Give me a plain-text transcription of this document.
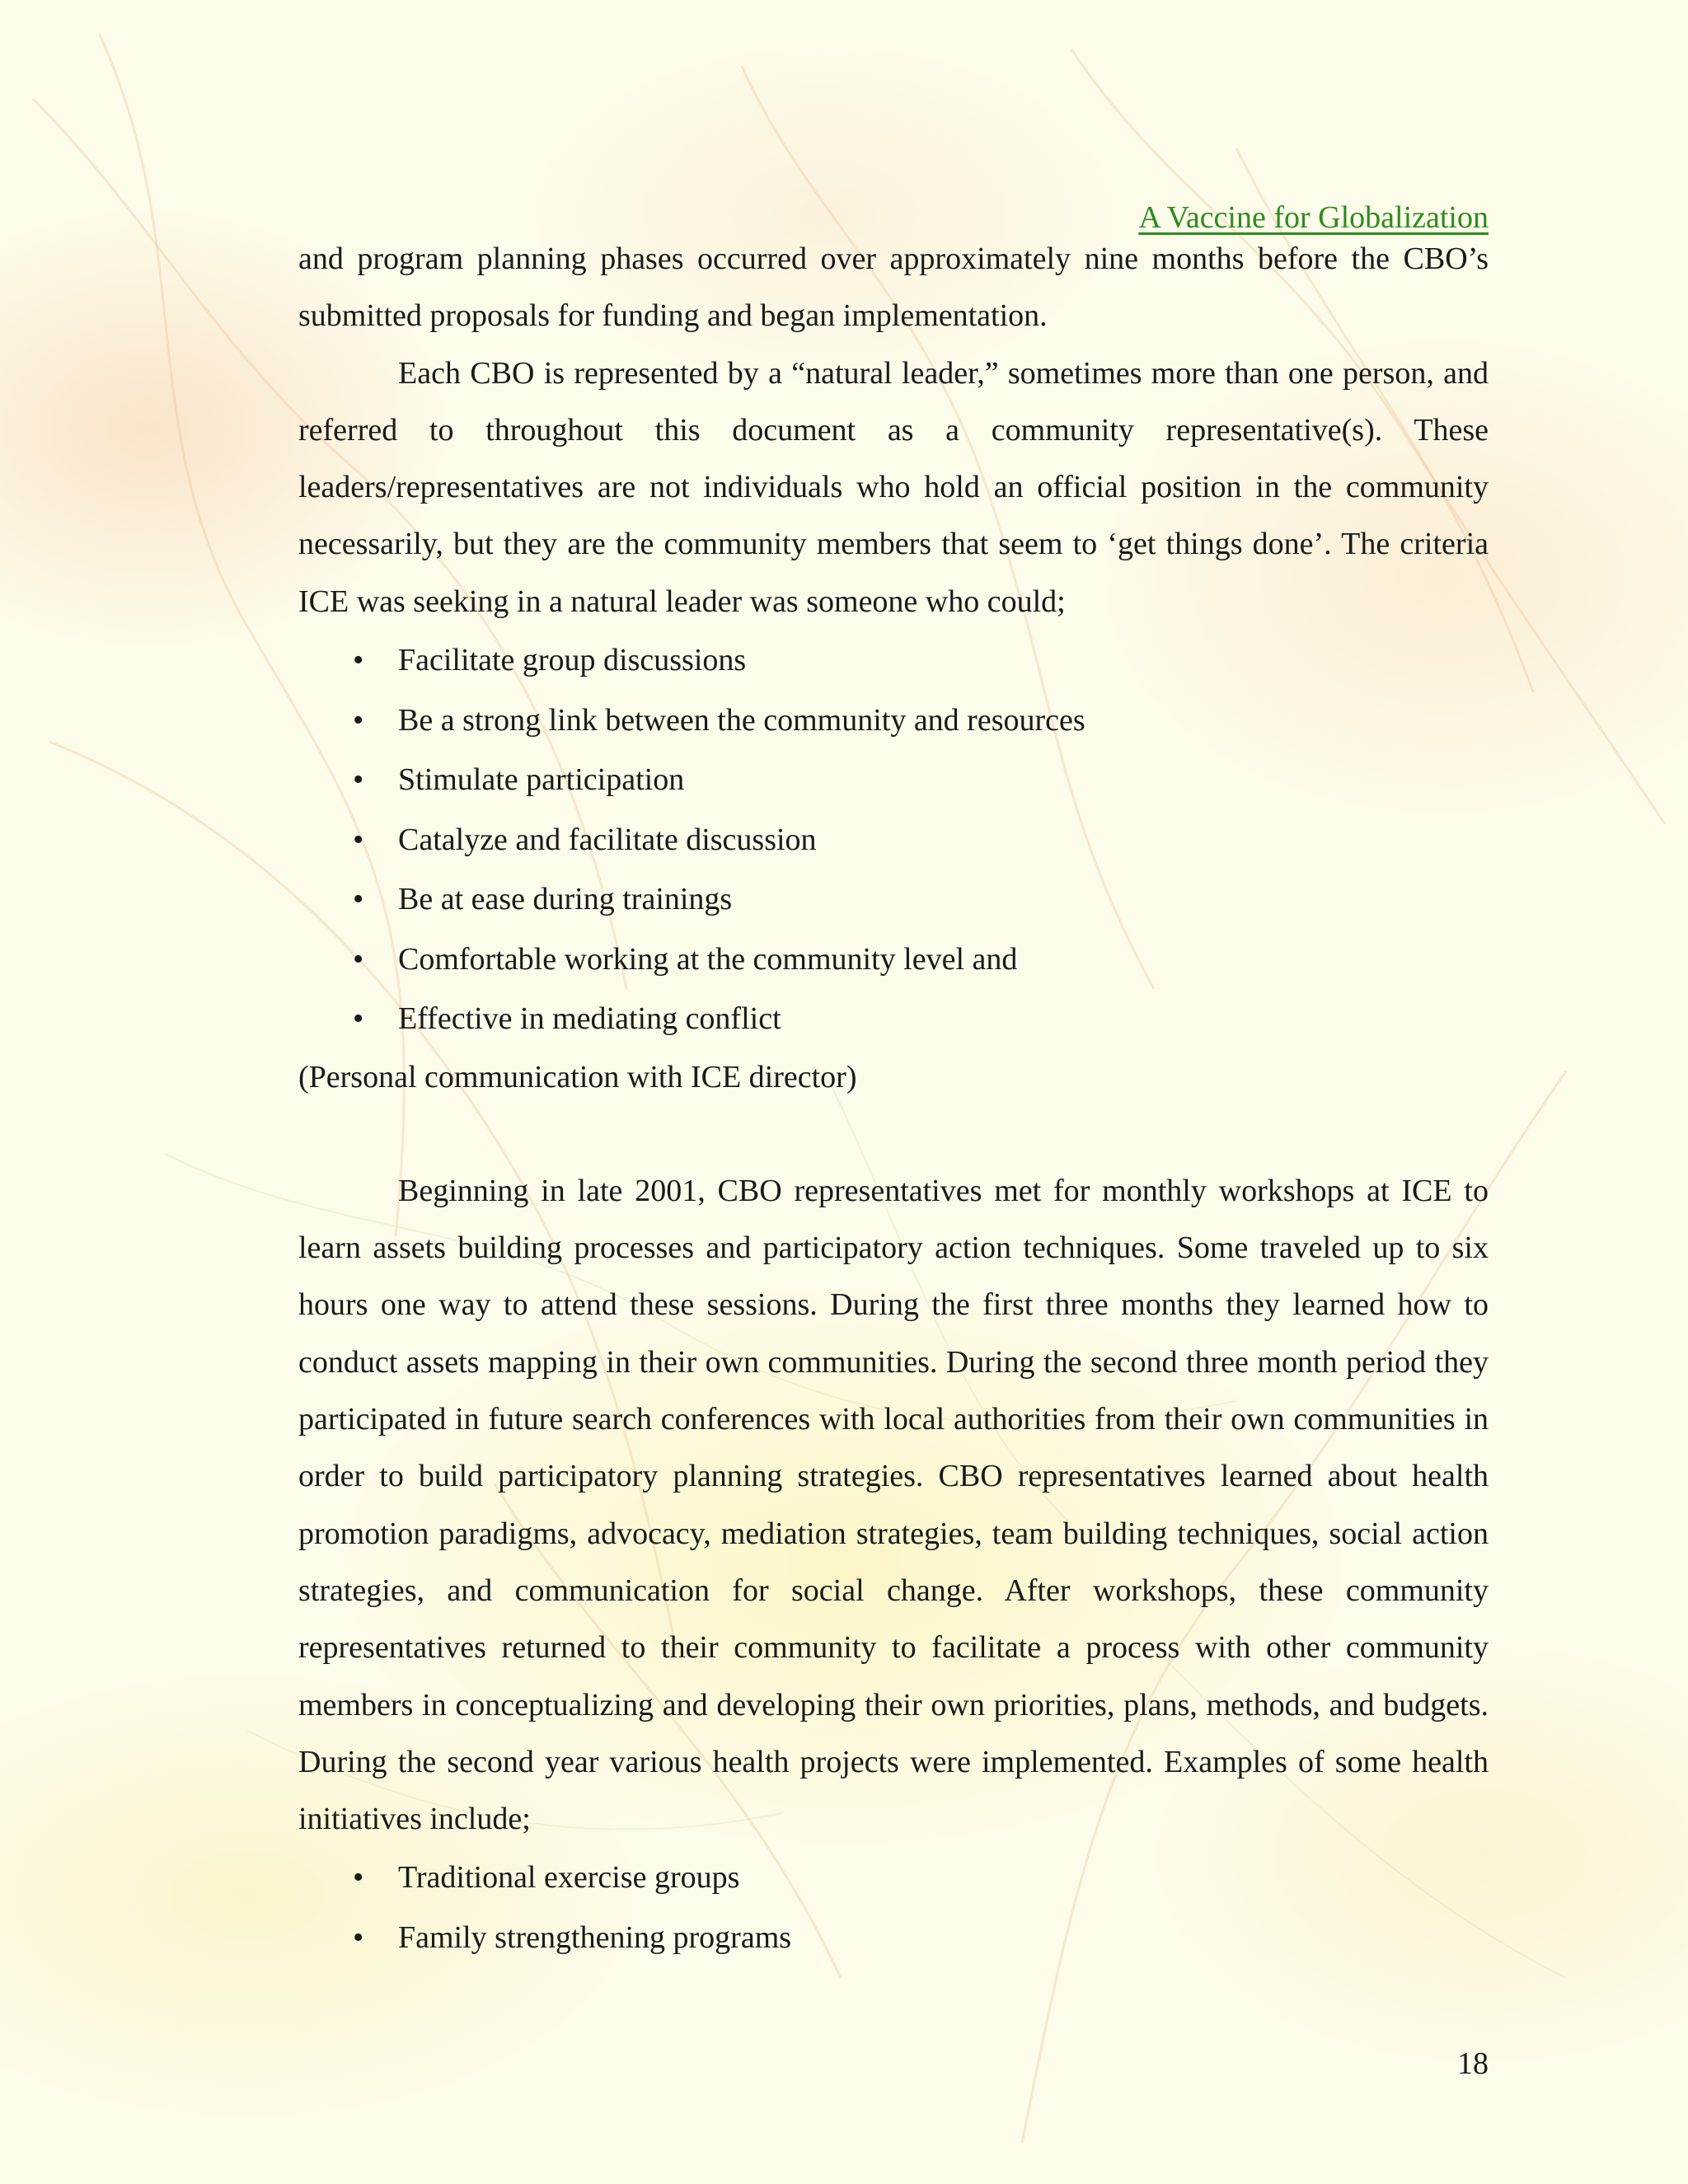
A Vaccine for Globalization

and program planning phases occurred over approximately nine months before the CBO’s submitted proposals for funding and began implementation.

Each CBO is represented by a “natural leader,” sometimes more than one person, and referred to throughout this document as a community representative(s). These leaders/representatives are not individuals who hold an official position in the community necessarily, but they are the community members that seem to ‘get things done’. The criteria ICE was seeking in a natural leader was someone who could;

• Facilitate group discussions
• Be a strong link between the community and resources
• Stimulate participation
• Catalyze and facilitate discussion
• Be at ease during trainings
• Comfortable working at the community level and
• Effective in mediating conflict

(Personal communication with ICE director)

Beginning in late 2001, CBO representatives met for monthly workshops at ICE to learn assets building processes and participatory action techniques. Some traveled up to six hours one way to attend these sessions. During the first three months they learned how to conduct assets mapping in their own communities. During the second three month period they participated in future search conferences with local authorities from their own communities in order to build participatory planning strategies. CBO representatives learned about health promotion paradigms, advocacy, mediation strategies, team building techniques, social action strategies, and communication for social change. After workshops, these community representatives returned to their community to facilitate a process with other community members in conceptualizing and developing their own priorities, plans, methods, and budgets. During the second year various health projects were implemented. Examples of some health initiatives include;

• Traditional exercise groups
• Family strengthening programs
18
